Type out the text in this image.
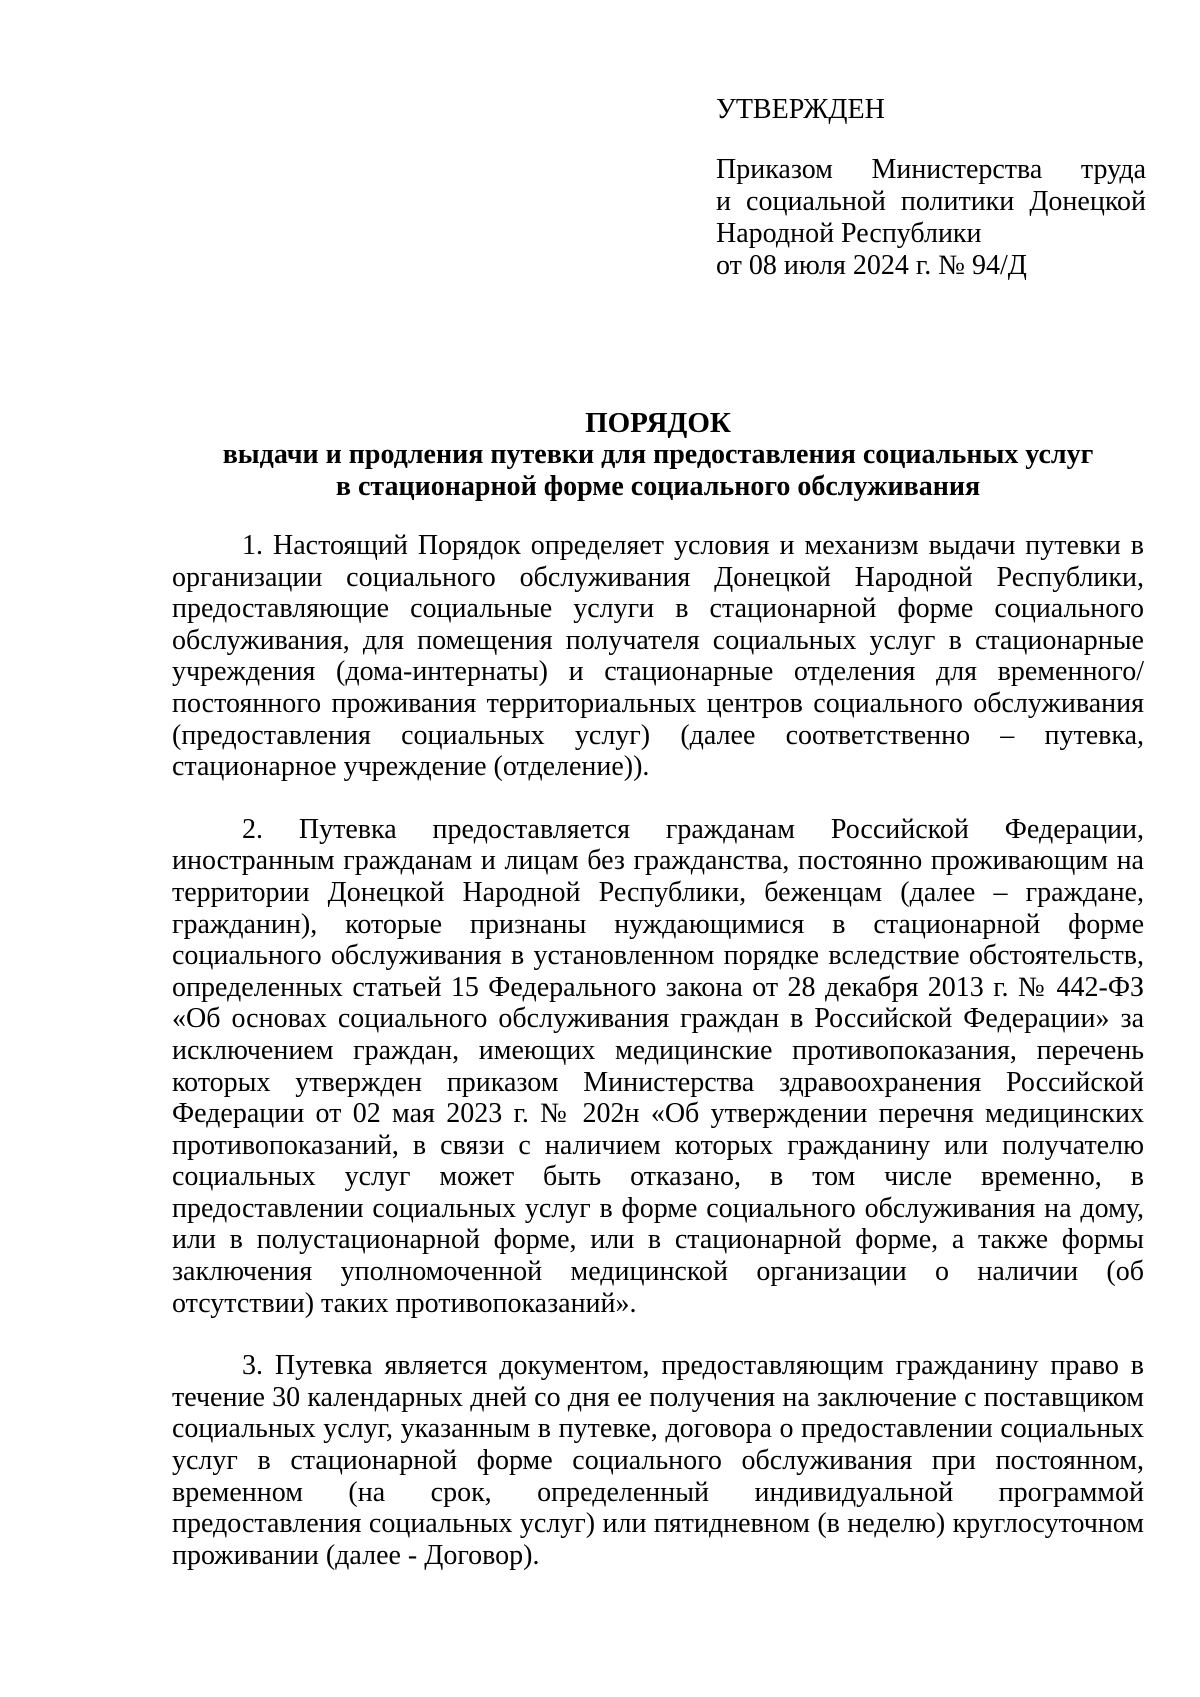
УТВЕРЖДЕН
Приказом Министерства труда
и социальной политики Донецкой
Народной Республики
от 08 июля 2024 г. № 94/Д
ПОРЯДОК
выдачи и продления путевки для предоставления социальных услуг
в стационарной форме социального обслуживания

1. Настоящий Порядок определяет условия и механизм выдачи путевки в организации социального обслуживания Донецкой Народной Республики, предоставляющие социальные услуги в стационарной форме социального обслуживания, для помещения получателя социальных услуг в стационарные учреждения (дома-интернаты) и стационарные отделения для временного/постоянного проживания территориальных центров социального обслуживания (предоставления социальных услуг) (далее соответственно – путевка, стационарное учреждение (отделение)).

2. Путевка предоставляется гражданам Российской Федерации, иностранным гражданам и лицам без гражданства, постоянно проживающим на территории Донецкой Народной Республики, беженцам (далее – граждане, гражданин), которые признаны нуждающимися в стационарной форме социального обслуживания в установленном порядке вследствие обстоятельств, определенных статьей 15 Федерального закона от 28 декабря 2013 г. № 442-ФЗ «Об основах социального обслуживания граждан в Российской Федерации» за исключением граждан, имеющих медицинские противопоказания, перечень которых утвержден приказом Министерства здравоохранения Российской Федерации от 02 мая 2023 г. № 202н «Об утверждении перечня медицинских противопоказаний, в связи с наличием которых гражданину или получателю социальных услуг может быть отказано, в том числе временно, в предоставлении социальных услуг в форме социального обслуживания на дому, или в полустационарной форме, или в стационарной форме, а также формы заключения уполномоченной медицинской организации о наличии (об отсутствии) таких противопоказаний».

3. Путевка является документом, предоставляющим гражданину право в течение 30 календарных дней со дня ее получения на заключение с поставщиком социальных услуг, указанным в путевке, договора о предоставлении социальных услуг в стационарной форме социального обслуживания при постоянном, временном (на срок, определенный индивидуальной программой предоставления социальных услуг) или пятидневном (в неделю) круглосуточном проживании (далее - Договор).
